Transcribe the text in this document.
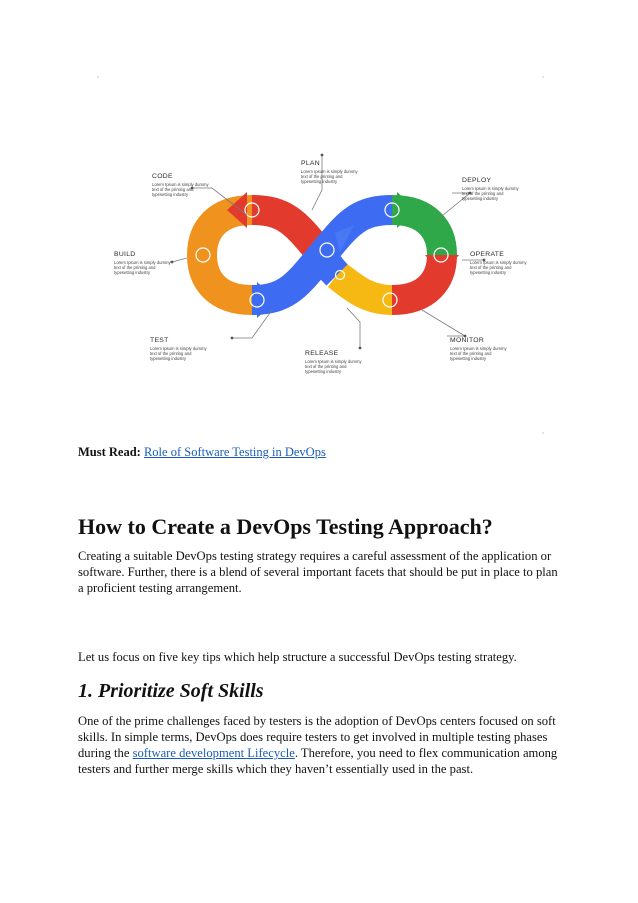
CODE
Lorem Ipsum is simply dummy
text of the printing and
typesetting industry
PLAN
Lorem Ipsum is simply dummy
text of the printing and
typesetting industry	DEPLOY
Lorem Ipsum is simply dummy
text of the printing and
typesetting industry
BUILD
Lorem Ipsum is simply dummy
text of the printing and
typesetting industry
OPERATE
Lorem Ipsum is simply dummy
text of the printing and
typesetting industry
TEST
Lorem Ipsum is simply dummy
text of the printing and
typesetting industry
RELEASE
Lorem Ipsum is simply dummy
text of the printing and
typesetting industry
MONITOR
Lorem Ipsum is simply dummy
text of the printing and
typesetting industry

Must Read: Role of Software Testing in DevOps

How to Create a DevOps Testing Approach?

Creating a suitable DevOps testing strategy requires a careful assessment of the application or software. Further, there is a blend of several important facets that should be put in place to plan a proficient testing arrangement.

Let us focus on five key tips which help structure a successful DevOps testing strategy.

1. Prioritize Soft Skills

One of the prime challenges faced by testers is the adoption of DevOps centers focused on soft skills. In simple terms, DevOps does require testers to get involved in multiple testing phases during the software development Lifecycle. Therefore, you need to flex communication among testers and further merge skills which they haven’t essentially used in the past.
